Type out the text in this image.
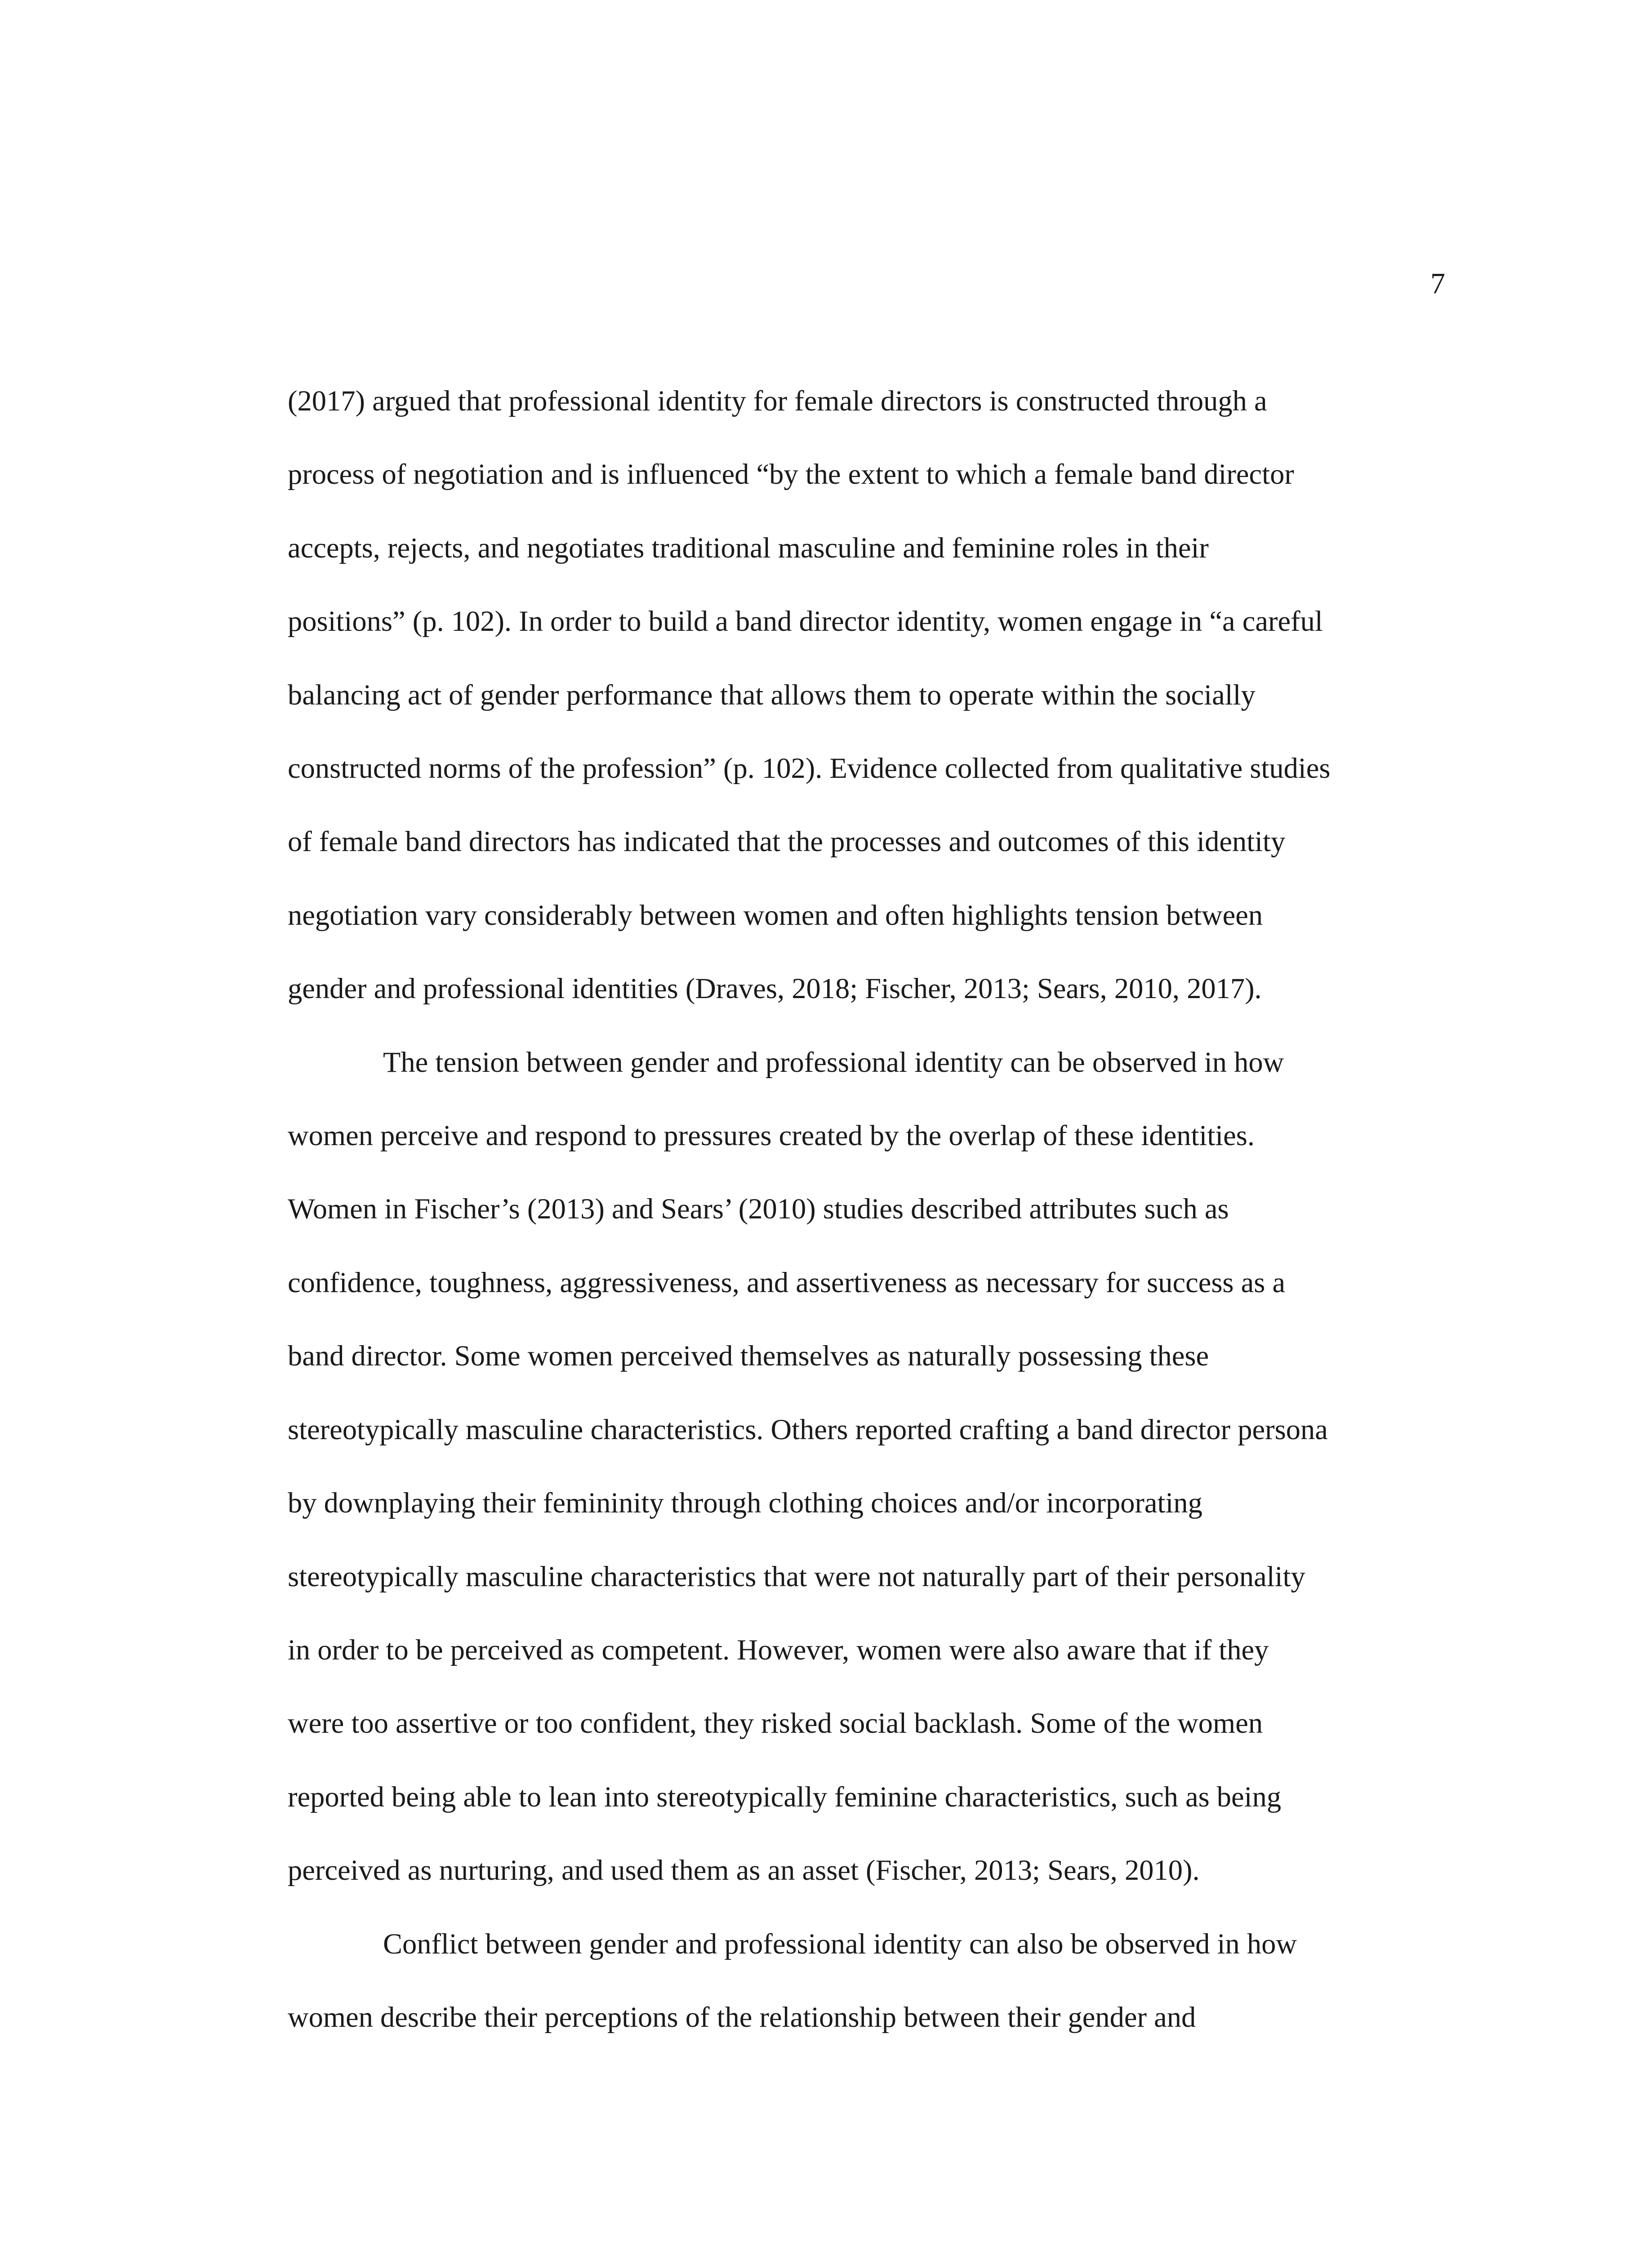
7
(2017) argued that professional identity for female directors is constructed through a
process of negotiation and is influenced “by the extent to which a female band director
accepts, rejects, and negotiates traditional masculine and feminine roles in their
positions” (p. 102). In order to build a band director identity, women engage in “a careful
balancing act of gender performance that allows them to operate within the socially
constructed norms of the profession” (p. 102). Evidence collected from qualitative studies
of female band directors has indicated that the processes and outcomes of this identity
negotiation vary considerably between women and often highlights tension between
gender and professional identities (Draves, 2018; Fischer, 2013; Sears, 2010, 2017).
The tension between gender and professional identity can be observed in how
women perceive and respond to pressures created by the overlap of these identities.
Women in Fischer’s (2013) and Sears’ (2010) studies described attributes such as
confidence, toughness, aggressiveness, and assertiveness as necessary for success as a
band director. Some women perceived themselves as naturally possessing these
stereotypically masculine characteristics. Others reported crafting a band director persona
by downplaying their femininity through clothing choices and/or incorporating
stereotypically masculine characteristics that were not naturally part of their personality
in order to be perceived as competent. However, women were also aware that if they
were too assertive or too confident, they risked social backlash. Some of the women
reported being able to lean into stereotypically feminine characteristics, such as being
perceived as nurturing, and used them as an asset (Fischer, 2013; Sears, 2010).
Conflict between gender and professional identity can also be observed in how
women describe their perceptions of the relationship between their gender and
